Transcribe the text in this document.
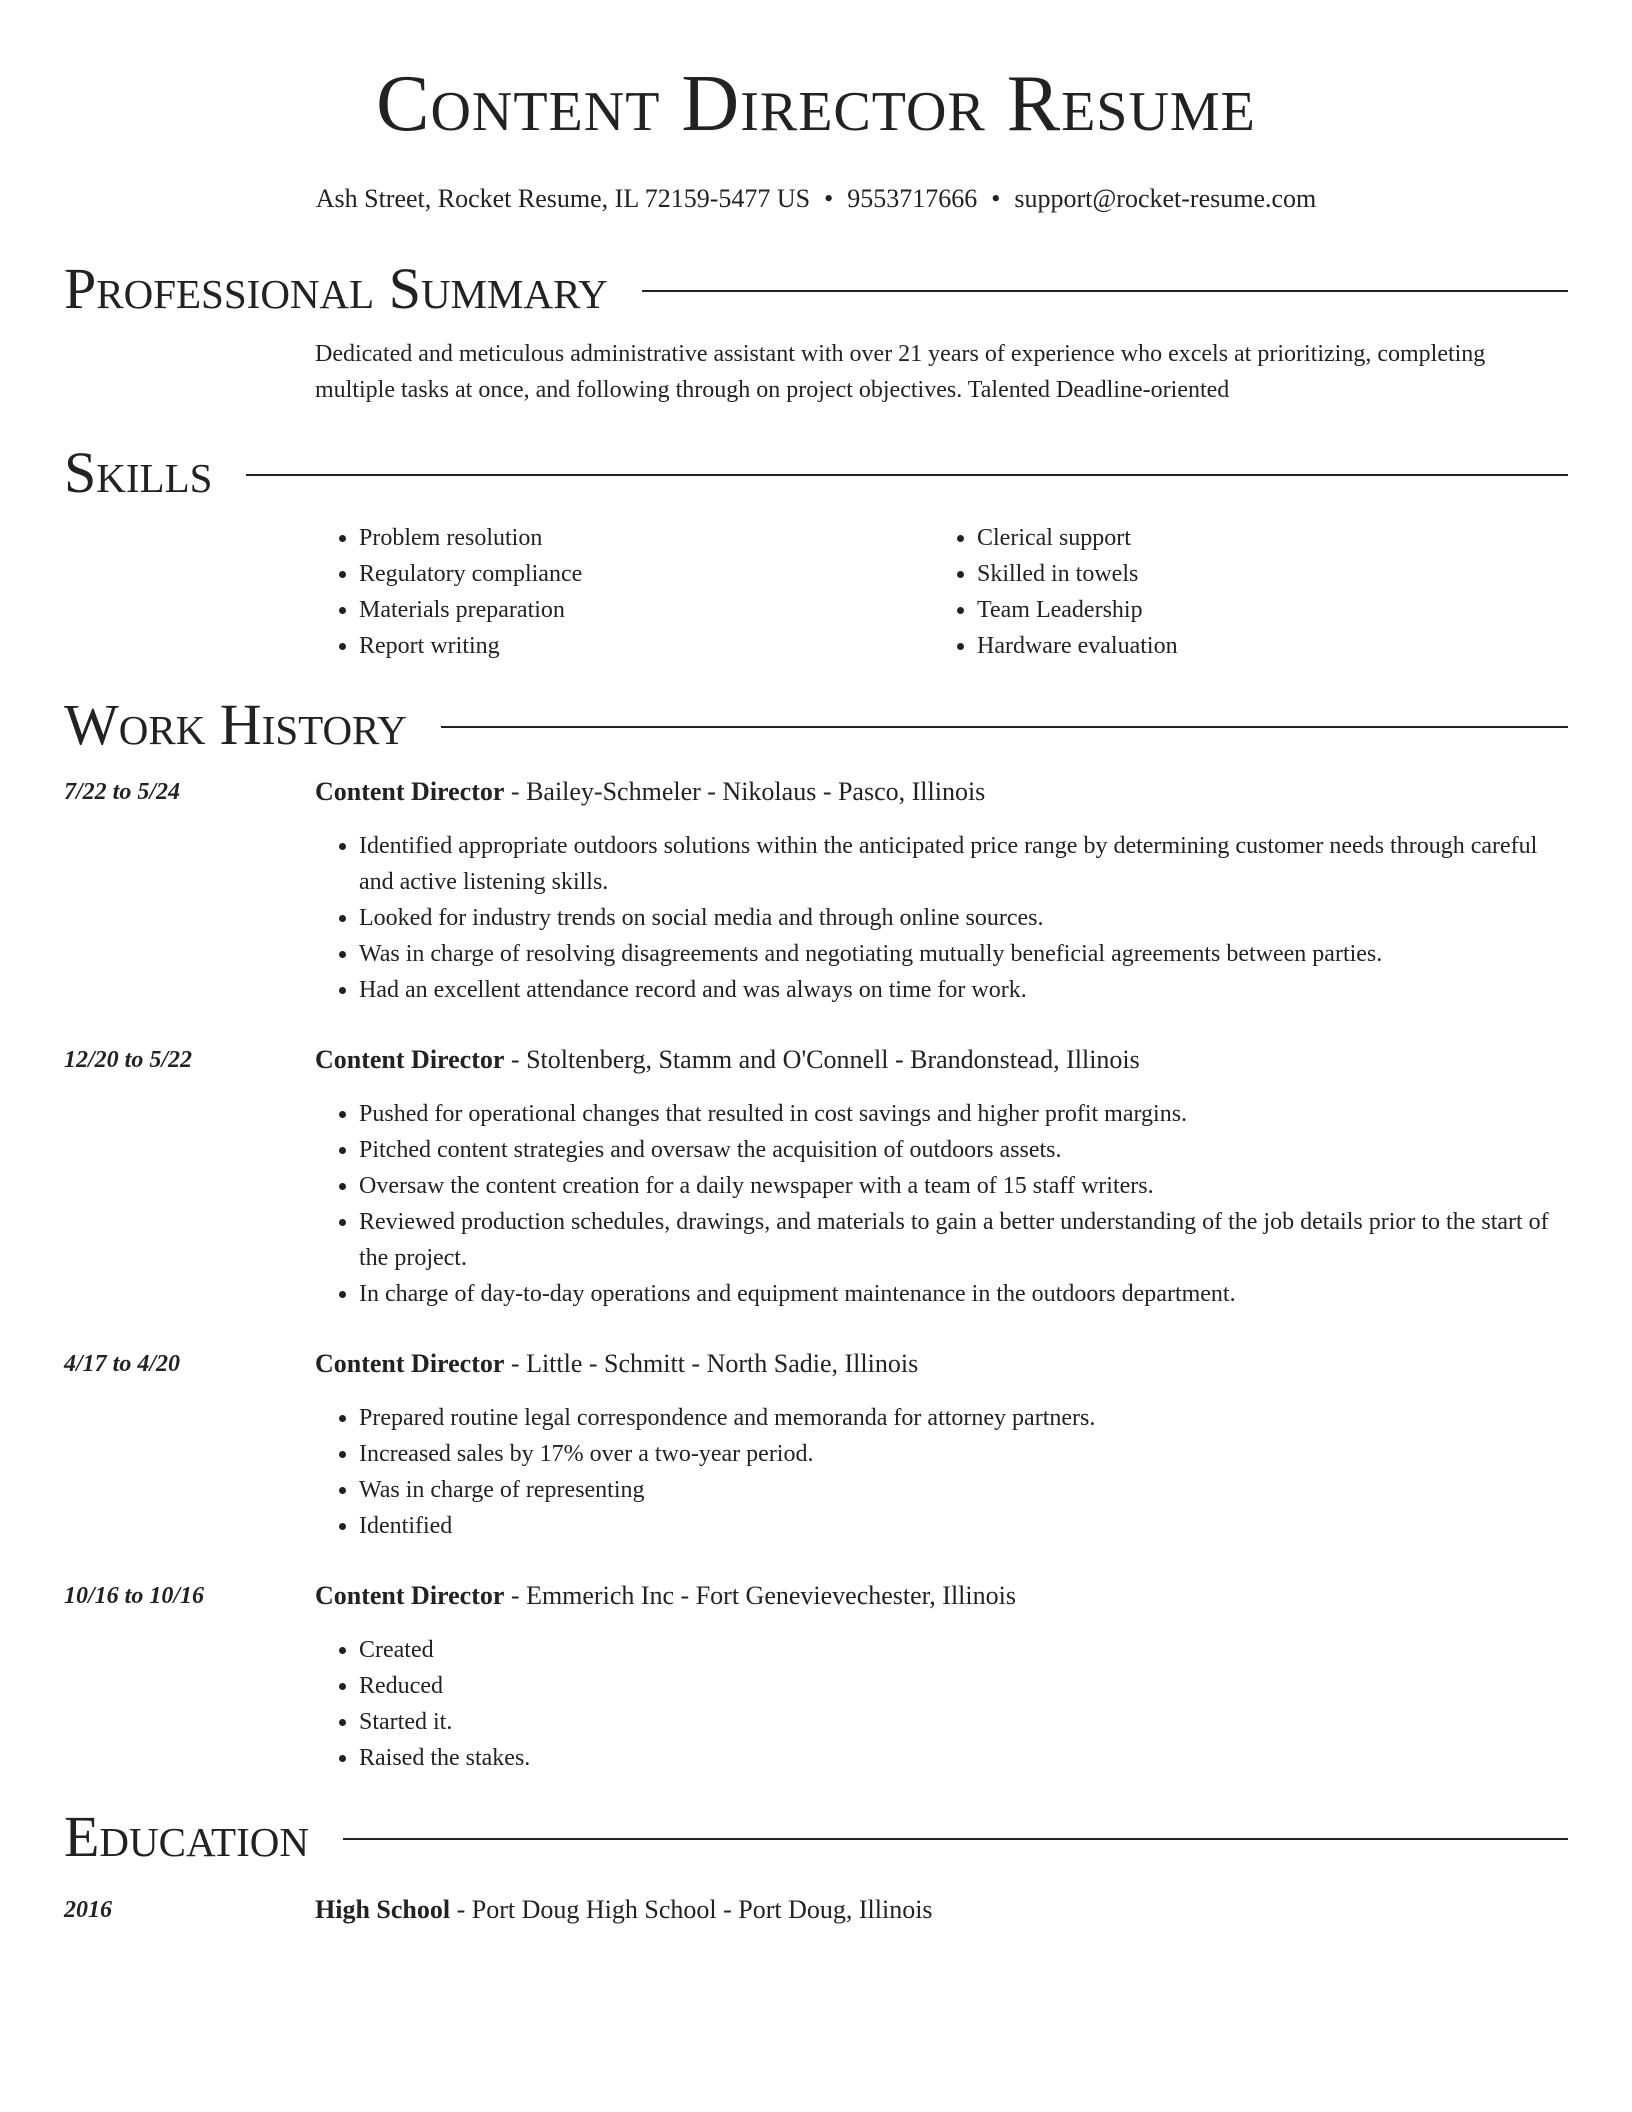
Content Director Resume
Ash Street, Rocket Resume, IL 72159-5477 US • 9553717666 • support@rocket-resume.com
Professional Summary
Dedicated and meticulous administrative assistant with over 21 years of experience who excels at prioritizing, completing multiple tasks at once, and following through on project objectives. Talented Deadline-oriented
Skills
• Problem resolution
• Regulatory compliance
• Materials preparation
• Report writing
• Clerical support
• Skilled in towels
• Team Leadership
• Hardware evaluation
Work History
7/22 to 5/24	Content Director - Bailey-Schmeler - Nikolaus - Pasco, Illinois
• Identified appropriate outdoors solutions within the anticipated price range by determining customer needs through careful and active listening skills.
• Looked for industry trends on social media and through online sources.
• Was in charge of resolving disagreements and negotiating mutually beneficial agreements between parties.
• Had an excellent attendance record and was always on time for work.
12/20 to 5/22	Content Director - Stoltenberg, Stamm and O'Connell - Brandonstead, Illinois
• Pushed for operational changes that resulted in cost savings and higher profit margins.
• Pitched content strategies and oversaw the acquisition of outdoors assets.
• Oversaw the content creation for a daily newspaper with a team of 15 staff writers.
• Reviewed production schedules, drawings, and materials to gain a better understanding of the job details prior to the start of the project.
• In charge of day-to-day operations and equipment maintenance in the outdoors department.
4/17 to 4/20	Content Director - Little - Schmitt - North Sadie, Illinois
• Prepared routine legal correspondence and memoranda for attorney partners.
• Increased sales by 17% over a two-year period.
• Was in charge of representing
• Identified
10/16 to 10/16	Content Director - Emmerich Inc - Fort Genevievechester, Illinois
• Created
• Reduced
• Started it.
• Raised the stakes.
Education
2016	High School - Port Doug High School - Port Doug, Illinois
